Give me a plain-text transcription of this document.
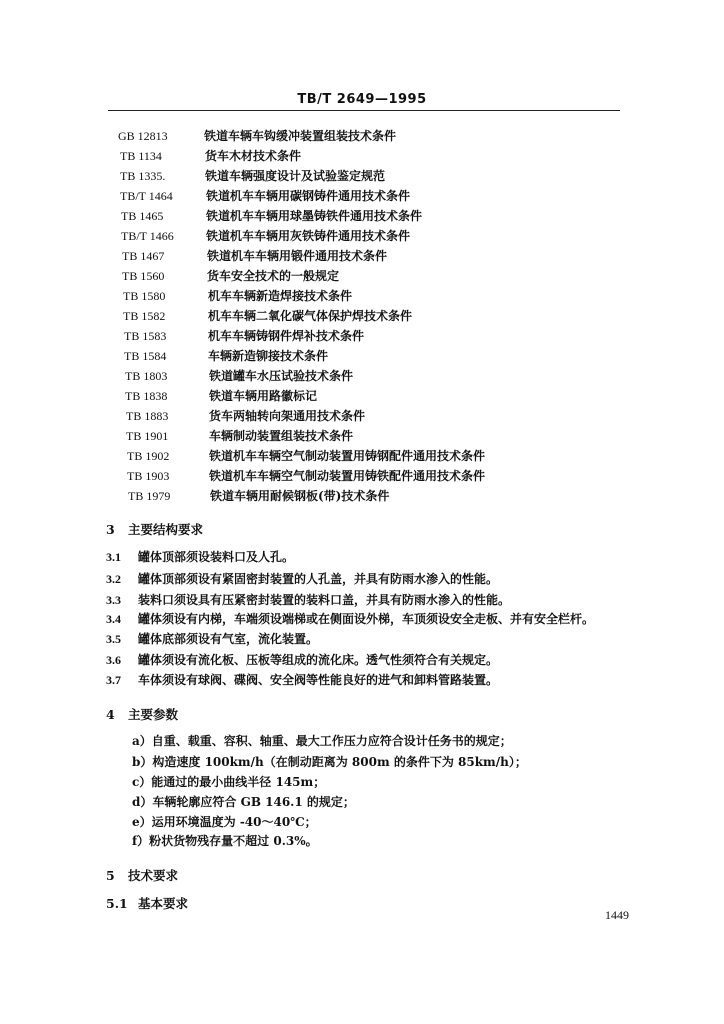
TB/T 2649—1995
GB 12813	铁道车辆车钩缓冲装置组装技术条件
TB 1134	货车木材技术条件
TB 1335.	铁道车辆强度设计及试验鉴定规范
TB/T 1464	铁道机车车辆用碳钢铸件通用技术条件
TB 1465	铁道机车车辆用球墨铸铁件通用技术条件
TB/T 1466	铁道机车车辆用灰铁铸件通用技术条件
TB 1467	铁道机车车辆用锻件通用技术条件
TB 1560	货车安全技术的一般规定
TB 1580	机车车辆新造焊接技术条件
TB 1582	机车车辆二氧化碳气体保护焊技术条件
TB 1583	机车车辆铸钢件焊补技术条件
TB 1584	车辆新造铆接技术条件
TB 1803	铁道罐车水压试验技术条件
TB 1838	铁道车辆用路徽标记
TB 1883	货车两轴转向架通用技术条件
TB 1901	车辆制动装置组装技术条件
TB 1902	铁道机车车辆空气制动装置用铸钢配件通用技术条件
TB 1903	铁道机车车辆空气制动装置用铸铁配件通用技术条件
TB 1979	铁道车辆用耐候钢板(带)技术条件
3 主要结构要求
3.1 罐体顶部须设装料口及人孔。
3.2 罐体顶部须设有紧固密封装置的人孔盖，并具有防雨水渗入的性能。
3.3 装料口须设具有压紧密封装置的装料口盖，并具有防雨水渗入的性能。
3.4 罐体须设有内梯，车端须设端梯或在侧面设外梯，车顶须设安全走板、并有安全栏杆。
3.5 罐体底部须设有气室，流化装置。
3.6 罐体须设有流化板、压板等组成的流化床。透气性须符合有关规定。
3.7 车体须设有球阀、碟阀、安全阀等性能良好的进气和卸料管路装置。
4 主要参数
a）自重、载重、容积、轴重、最大工作压力应符合设计任务书的规定；
b）构造速度 100km/h（在制动距离为 800m 的条件下为 85km/h）；
c）能通过的最小曲线半径 145m；
d）车辆轮廓应符合 GB 146.1 的规定；
e）运用环境温度为 -40～40℃；
f）粉状货物残存量不超过 0.3%。
5 技术要求
5.1 基本要求
1449
